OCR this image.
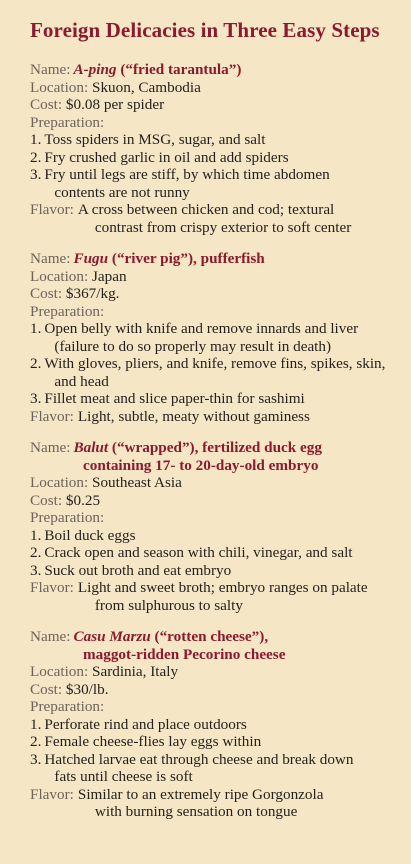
Foreign Delicacies in Three Easy Steps
Name: A-ping (“fried tarantula”)
Location: Skuon, Cambodia
Cost: $0.08 per spider
Preparation:
1. Toss spiders in MSG, sugar, and salt
2. Fry crushed garlic in oil and add spiders
3. Fry until legs are stiff, by which time abdomen
contents are not runny
Flavor: A cross between chicken and cod; textural
contrast from crispy exterior to soft center
Name: Fugu (“river pig”), pufferfish
Location: Japan
Cost: $367/kg.
Preparation:
1. Open belly with knife and remove innards and liver
(failure to do so properly may result in death)
2. With gloves, pliers, and knife, remove fins, spikes, skin,
and head
3. Fillet meat and slice paper-thin for sashimi
Flavor: Light, subtle, meaty without gaminess
Name: Balut (“wrapped”), fertilized duck egg
containing 17- to 20-day-old embryo
Location: Southeast Asia
Cost: $0.25
Preparation:
1. Boil duck eggs
2. Crack open and season with chili, vinegar, and salt
3. Suck out broth and eat embryo
Flavor: Light and sweet broth; embryo ranges on palate
from sulphurous to salty
Name: Casu Marzu (“rotten cheese”),
maggot-ridden Pecorino cheese
Location: Sardinia, Italy
Cost: $30/lb.
Preparation:
1. Perforate rind and place outdoors
2. Female cheese-flies lay eggs within
3. Hatched larvae eat through cheese and break down
fats until cheese is soft
Flavor: Similar to an extremely ripe Gorgonzola
with burning sensation on tongue
